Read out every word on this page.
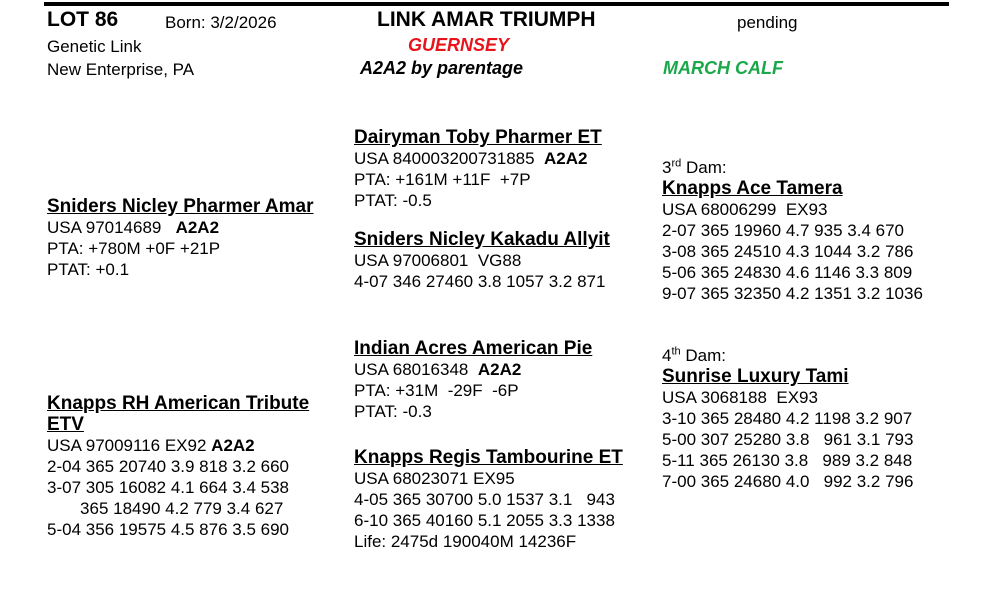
LOT 86	Born: 3/2/2026
Genetic Link
New Enterprise, PA
LINK AMAR TRIUMPH
GUERNSEY
A2A2 by parentage
pending
MARCH CALF
Sniders Nicley Pharmer Amar
USA 97014689 A2A2
PTA: +780M +0F +21P
PTAT: +0.1
Knapps RH American Tribute
ETV
USA 97009116 EX92 A2A2
2-04 365 20740 3.9 818 3.2 660
3-07 305 16082 4.1 664 3.4 538
365 18490 4.2 779 3.4 627
5-04 356 19575 4.5 876 3.5 690
Dairyman Toby Pharmer ET
USA 840003200731885 A2A2
PTA: +161M +11F  +7P
PTAT: -0.5
Sniders Nicley Kakadu Allyit
USA 97006801  VG88
4-07 346 27460 3.8 1057 3.2 871
Indian Acres American Pie
USA 68016348 A2A2
PTA: +31M  -29F  -6P
PTAT: -0.3
Knapps Regis Tambourine ET
USA 68023071 EX95
4-05 365 30700 5.0 1537 3.1   943
6-10 365 40160 5.1 2055 3.3 1338
Life: 2475d 190040M 14236F
3rd Dam:
Knapps Ace Tamera
USA 68006299  EX93
2-07 365 19960 4.7 935 3.4 670
3-08 365 24510 4.3 1044 3.2 786
5-06 365 24830 4.6 1146 3.3 809
9-07 365 32350 4.2 1351 3.2 1036
4th Dam:
Sunrise Luxury Tami
USA 3068188  EX93
3-10 365 28480 4.2 1198 3.2 907
5-00 307 25280 3.8   961 3.1 793
5-11 365 26130 3.8   989 3.2 848
7-00 365 24680 4.0   992 3.2 796
